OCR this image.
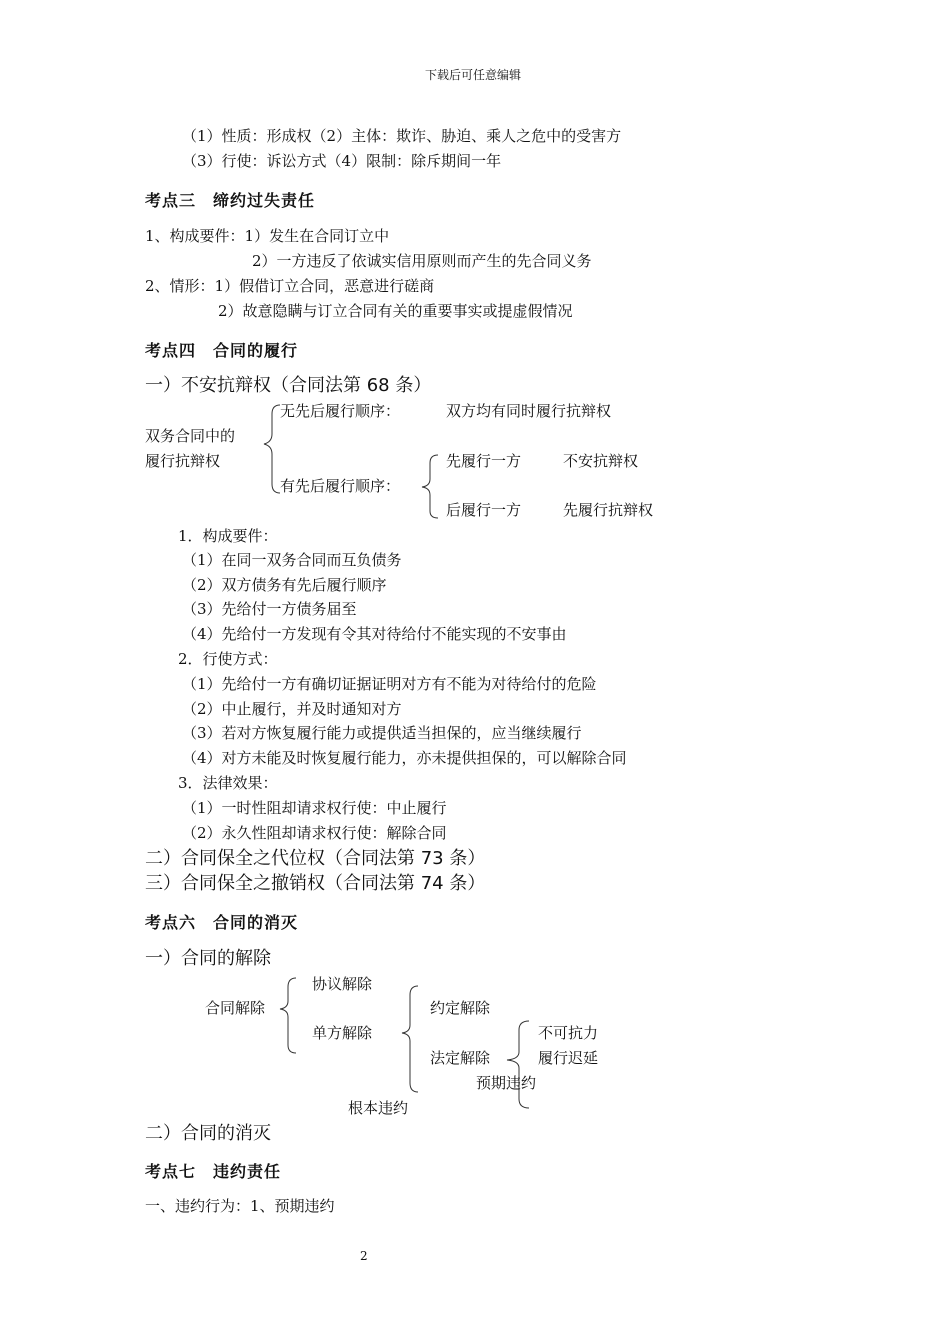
下载后可任意编辑
（1）性质：形成权（2）主体：欺诈、胁迫、乘人之危中的受害方
（3）行使：诉讼方式（4）限制：除斥期间一年
考点三　缔约过失责任
1、构成要件：1）发生在合同订立中
2）一方违反了依诚实信用原则而产生的先合同义务
2、情形：1）假借订立合同，恶意进行磋商
2）故意隐瞒与订立合同有关的重要事实或提虚假情况
考点四　合同的履行
一）不安抗辩权（合同法第 68 条）
双务合同中的
履行抗辩权
无先后履行顺序：	双方均有同时履行抗辩权
有先后履行顺序：
先履行一方	不安抗辩权
后履行一方	先履行抗辩权
1．构成要件：
（1）在同一双务合同而互负债务
（2）双方债务有先后履行顺序
（3）先给付一方债务届至
（4）先给付一方发现有令其对待给付不能实现的不安事由
2．行使方式：
（1）先给付一方有确切证据证明对方有不能为对待给付的危险
（2）中止履行，并及时通知对方
（3）若对方恢复履行能力或提供适当担保的，应当继续履行
（4）对方未能及时恢复履行能力，亦未提供担保的，可以解除合同
3．法律效果：
（1）一时性阻却请求权行使：中止履行
（2）永久性阻却请求权行使：解除合同
二）合同保全之代位权（合同法第 73 条）
三）合同保全之撤销权（合同法第 74 条）
考点六　合同的消灭
一）合同的解除
合同解除
协议解除
单方解除
约定解除
法定解除
不可抗力
履行迟延
预期违约
根本违约
二）合同的消灭
考点七　违约责任
一、违约行为：1、预期违约
2
